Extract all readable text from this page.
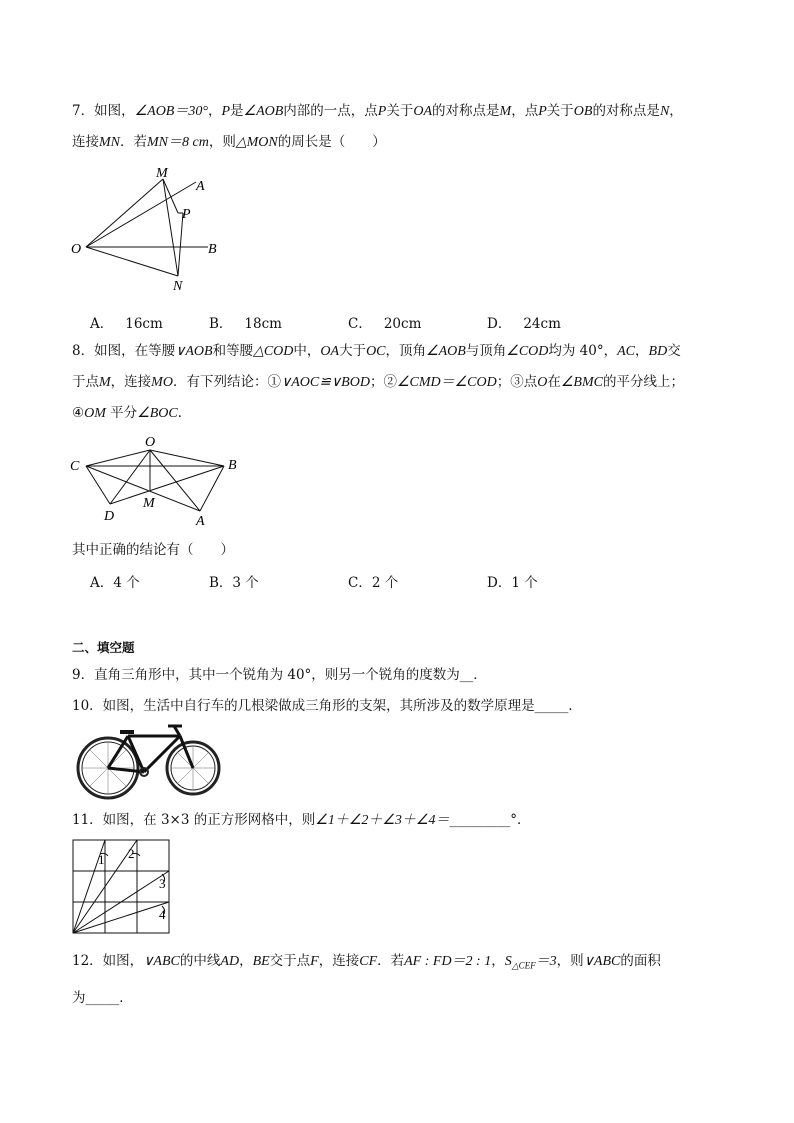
7．如图，∠AOB＝30°，P是∠AOB内部的一点，点P关于OA的对称点是M，点P关于OB的对称点是N，
连接MN．若MN＝8 cm，则△MON的周长是（　　）
M
A
P
O	B
N
A． 16cm	B． 18cm	C． 20cm	D． 24cm
8．如图，在等腰∨AOB和等腰△COD中，OA大于OC，顶角∠AOB与顶角∠COD均为 40°，AC，BD交
于点M，连接MO．有下列结论：①∨AOC≌∨BOD；②∠CMD＝∠COD；③点O在∠BMC的平分线上；
④OM 平分∠BOC．
O
C	B
D
M
A
其中正确的结论有（　　）
A．4 个	B．3 个	C．2 个	D．1 个
二、填空题
9．直角三角形中，其中一个锐角为 40°，则另一个锐角的度数为__．
10．如图，生活中自行车的几根梁做成三角形的支架，其所涉及的数学原理是_____．
11．如图，在 3×3 的正方形网格中，则∠1＋∠2＋∠3＋∠4＝_________°．
1 2
3
4
12．如图，∨ABC的中线AD，BE交于点F，连接CF．若AF : FD＝2 : 1，$S_{\triangle CEF}=3$，则∨ABC的面积
为_____．
